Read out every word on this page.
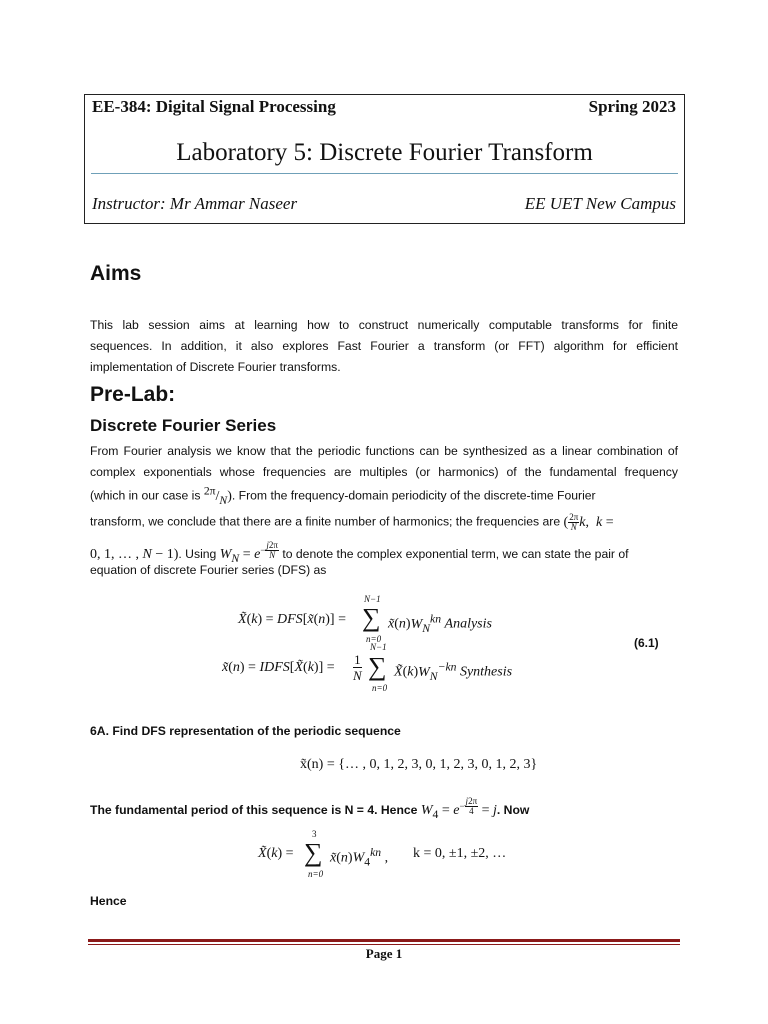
EE-384: Digital Signal Processing	Spring 2023
Laboratory 5: Discrete Fourier Transform
Instructor: Mr Ammar Naseer	EE UET New Campus
Aims
This lab session aims at learning how to construct numerically computable transforms for finite
sequences. In addition, it also explores Fast Fourier a transform (or FFT) algorithm for efficient
implementation of Discrete Fourier transforms.
Pre-Lab:
Discrete Fourier Series
From Fourier analysis we know that the periodic functions can be synthesized as a linear combination of
complex exponentials whose frequencies are multiples (or harmonics) of the fundamental frequency
(which in our case is $^{2\pi}/_N$). From the frequency-domain periodicity of the discrete-time Fourier
transform, we conclude that there are a finite number of harmonics; the frequencies are ( $\frac{2\pi}{N} k$,  k =
0, 1, … , N − 1). Using $W_N = e^{- \frac{j2\pi}{N}}$ to denote the complex exponential term, we can state the pair of
equation of discrete Fourier series (DFS) as
N−1
X̃(k) = DFS[x̃(n)] = ∑
n=0
$x̃(n)W_N^{kn}$ Analysis
N−1
x̃(n) = IDFS[X̃(k)] =
1
N ∑
n=0
$X̃(k)W_N^{-kn}$ Synthesis
(6.1)
6A. Find DFS representation of the periodic sequence
x̃(n) = {… , 0, 1, 2, 3, 0, 1, 2, 3, 0, 1, 2, 3}
The fundamental period of this sequence is N = 4. Hence $W_4 = e^{- \frac{j2\pi}{4}} = j$. Now
3
X̃(k) = ∑
n=0
$x̃(n)W_4^{kn}$ , k = 0, ±1, ±2, …
Hence
Page 1
